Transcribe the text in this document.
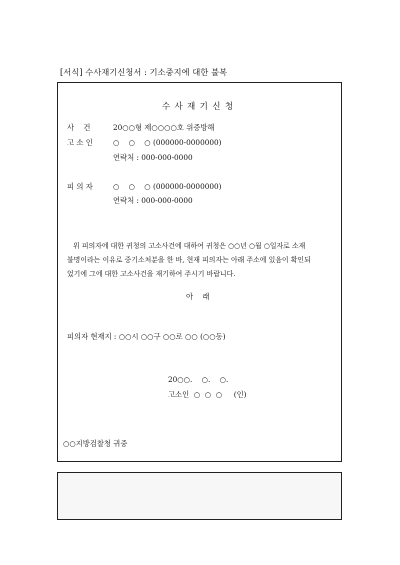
[서식] 수사재기신청서 : 기소중지에 대한 불복
수사재기신청
사    건	20○○형 제○○○○호 위증방해
고 소 인	○    ○    ○ (000000-0000000)
연락처 : 000-000-0000
피 의 자	○    ○    ○ (000000-0000000)
연락처 : 000-000-0000
위 피의자에 대한 귀청의 고소사건에 대하여 귀청은 ○○년 ○월 ○일자로 소재
불명이라는 이유로 중기소처분을 한 바, 현재 피의자는 아래 주소에 있음이 확인되
었기에 그에 대한 고소사건을 재기하여 주시기 바랍니다.
아    래
피의자 현재지 : ○○시 ○○구 ○○로 ○○ (○○동)
20○○.    ○.    ○.
고소인  ○  ○  ○     (인)
○○지방검찰청 귀중
